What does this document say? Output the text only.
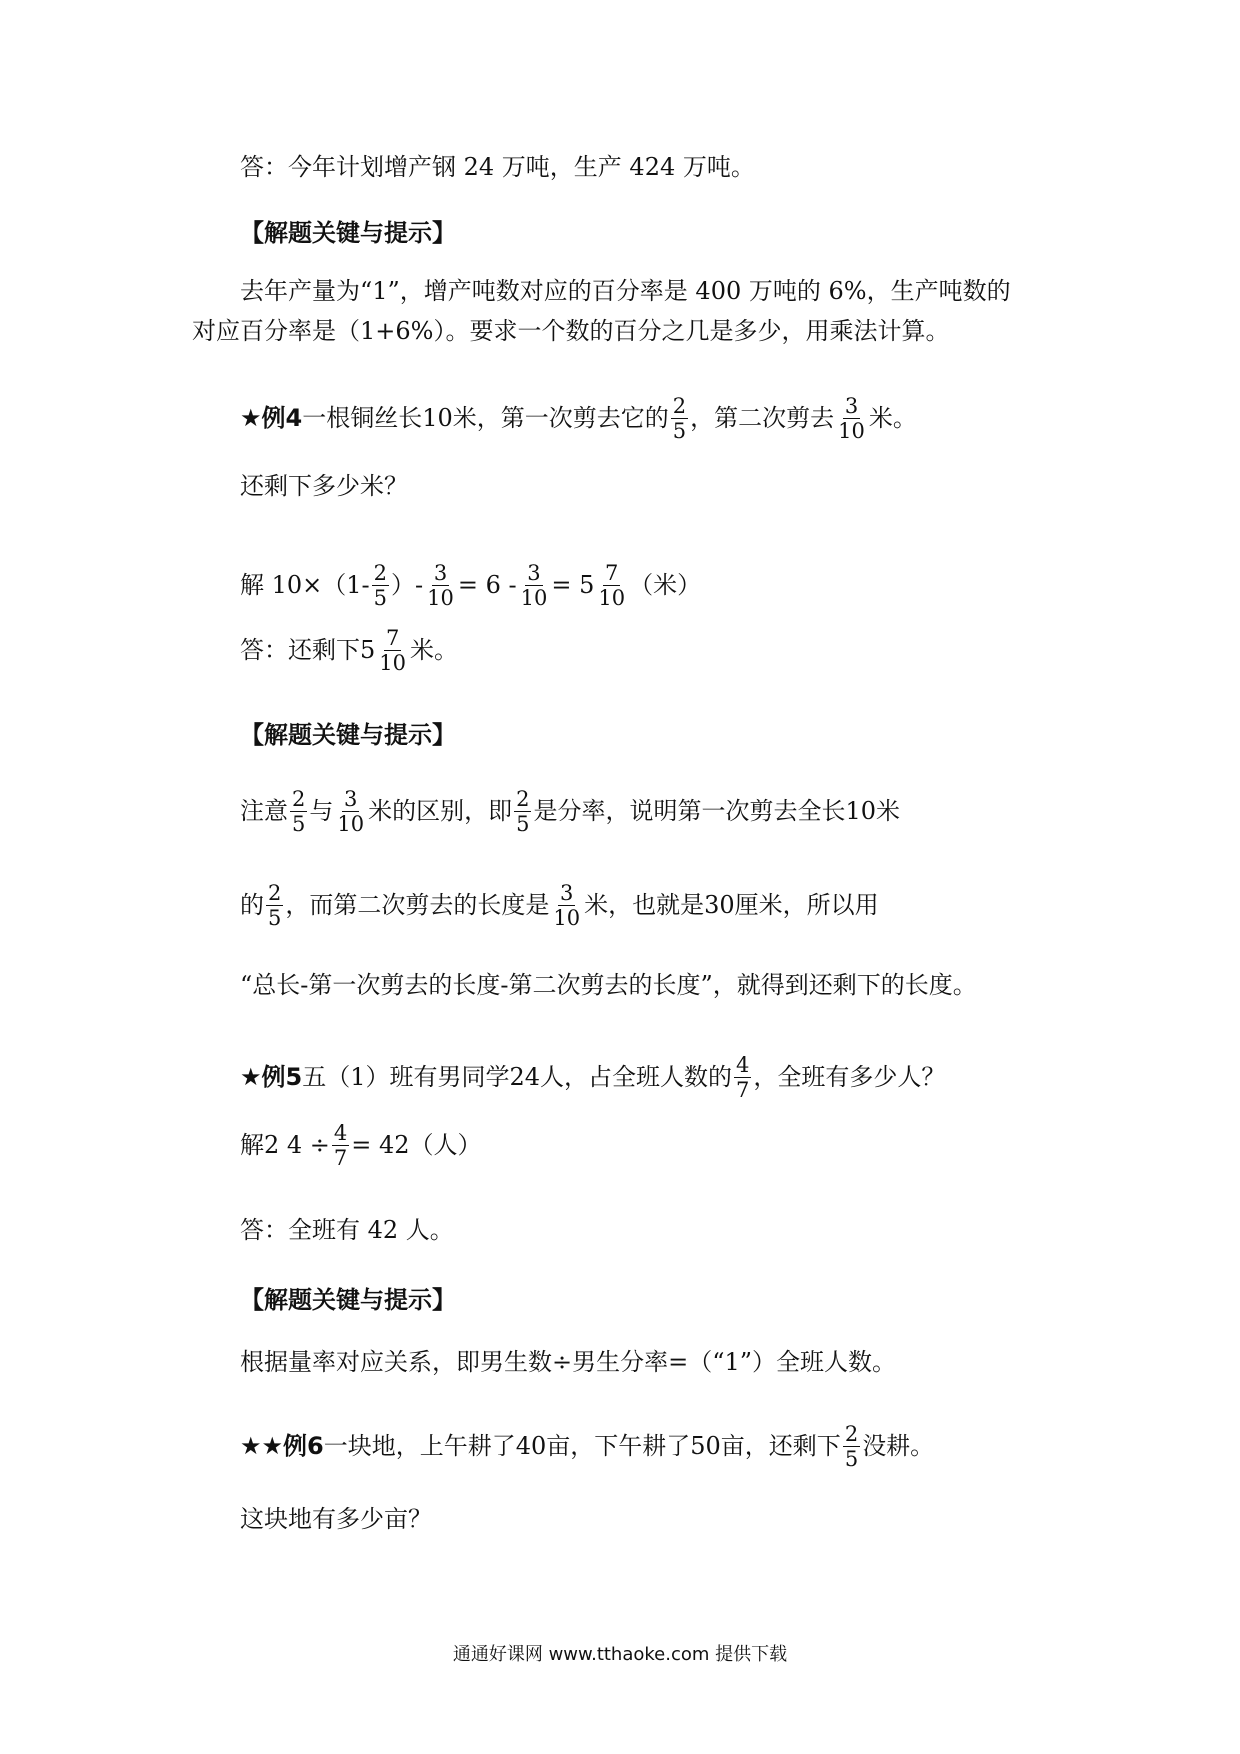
答：今年计划增产钢 24 万吨，生产 424 万吨。
【解题关键与提示】
去年产量为“1”，增产吨数对应的百分率是 400 万吨的 6%，生产吨数的
对应百分率是（1+6%）。要求一个数的百分之几是多少，用乘法计算。
★例4 一根铜丝长10米，第一次剪去它的 $\frac{2}{5}$ ，第二次剪去 $\frac{3}{10}$ 米。
还剩下多少米？
解 $10\times(1- \frac{2}{5}$ ）- $\frac{3}{10} = 6 - \frac{3}{10} = 5 \frac{7}{10}$ （米）
答：还剩下$5 \frac{7}{10}$ 米。
【解题关键与提示】
注意 $\frac{2}{5}$ 与 $\frac{3}{10}$ 米的区别，即 $\frac{2}{5}$ 是分率，说明第一次剪去全长10米
的 $\frac{2}{5}$ ，而第二次剪去的长度是 $\frac{3}{10}$ 米，也就是30厘米，所以用
“总长-第一次剪去的长度-第二次剪去的长度”，就得到还剩下的长度。
★例5 五（1）班有男同学24人，占全班人数的 $\frac{4}{7}$ ，全班有多少人？
解2 $4 \div \frac{4}{7} = 42$（人）
答：全班有 42 人。
【解题关键与提示】
根据量率对应关系，即男生数÷男生分率=（“1”）全班人数。
★★例6 一块地，上午耕了40亩，下午耕了50亩，还剩下 $\frac{2}{5}$ 没耕。
这块地有多少亩？
通通好课网 www.tthaoke.com 提供下载
